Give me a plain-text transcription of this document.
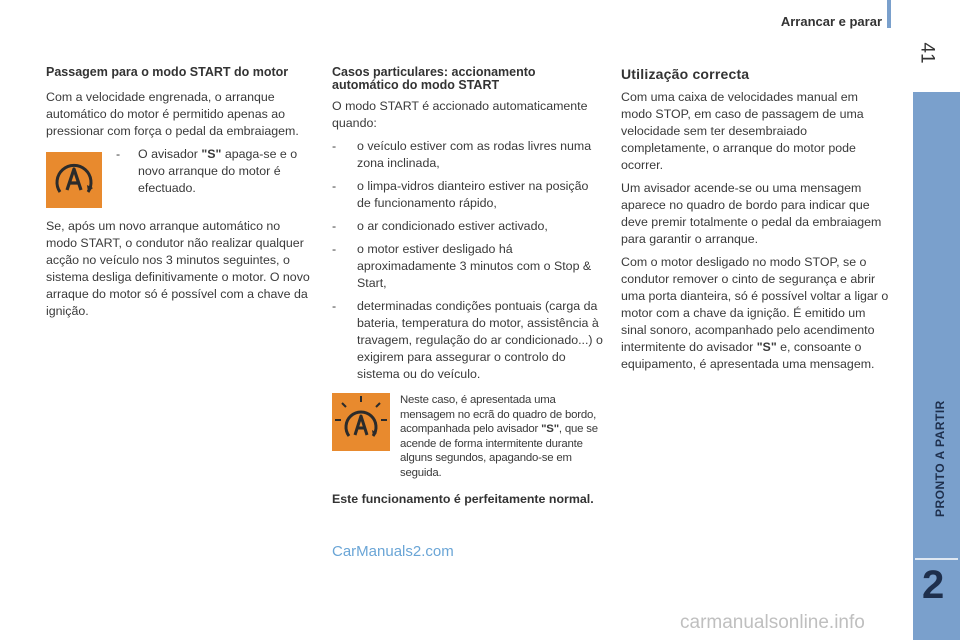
Arrancar e parar
41
PRONTO A PARTIR
2
Passagem para o modo START do motor

Com a velocidade engrenada, o arranque automático do motor é permitido apenas ao pressionar com força o pedal da embraiagem.

-	O avisador "S" apaga-se e o novo arranque do motor é efectuado.

Se, após um novo arranque automático no modo START, o condutor não realizar qualquer acção no veículo nos 3 minutos seguintes, o sistema desliga definitivamente o motor. O novo arraque do motor só é possível com a chave da ignição.

Casos particulares: accionamento automático do modo START

O modo START é accionado automaticamente quando:

-	o veículo estiver com as rodas livres numa zona inclinada,
-	o limpa-vidros dianteiro estiver na posição de funcionamento rápido,
-	o ar condicionado estiver activado,
-	o motor estiver desligado há aproximadamente 3 minutos com o Stop & Start,
-	determinadas condições pontuais (carga da bateria, temperatura do motor, assistência à travagem, regulação do ar condicionado...) o exigirem para assegurar o controlo do sistema ou do veículo.
Neste caso, é apresentada uma mensagem no ecrã do quadro de bordo, acompanhada pelo avisador "S", que se acende de forma intermitente durante alguns segundos, apagando-se em seguida.
Este funcionamento é perfeitamente normal.
Utilização correcta

Com uma caixa de velocidades manual em modo STOP, em caso de passagem de uma velocidade sem ter desembraiado completamente, o arranque do motor pode ocorrer.

Um avisador acende-se ou uma mensagem aparece no quadro de bordo para indicar que deve premir totalmente o pedal da embraiagem para garantir o arranque.

Com o motor desligado no modo STOP, se o condutor remover o cinto de segurança e abrir uma porta dianteira, só é possível voltar a ligar o motor com a chave da ignição. É emitido um sinal sonoro, acompanhado pelo acendimento intermitente do avisador "S" e, consoante o equipamento, é apresentada uma mensagem.

CarManuals2.com
carmanualsonline.info
